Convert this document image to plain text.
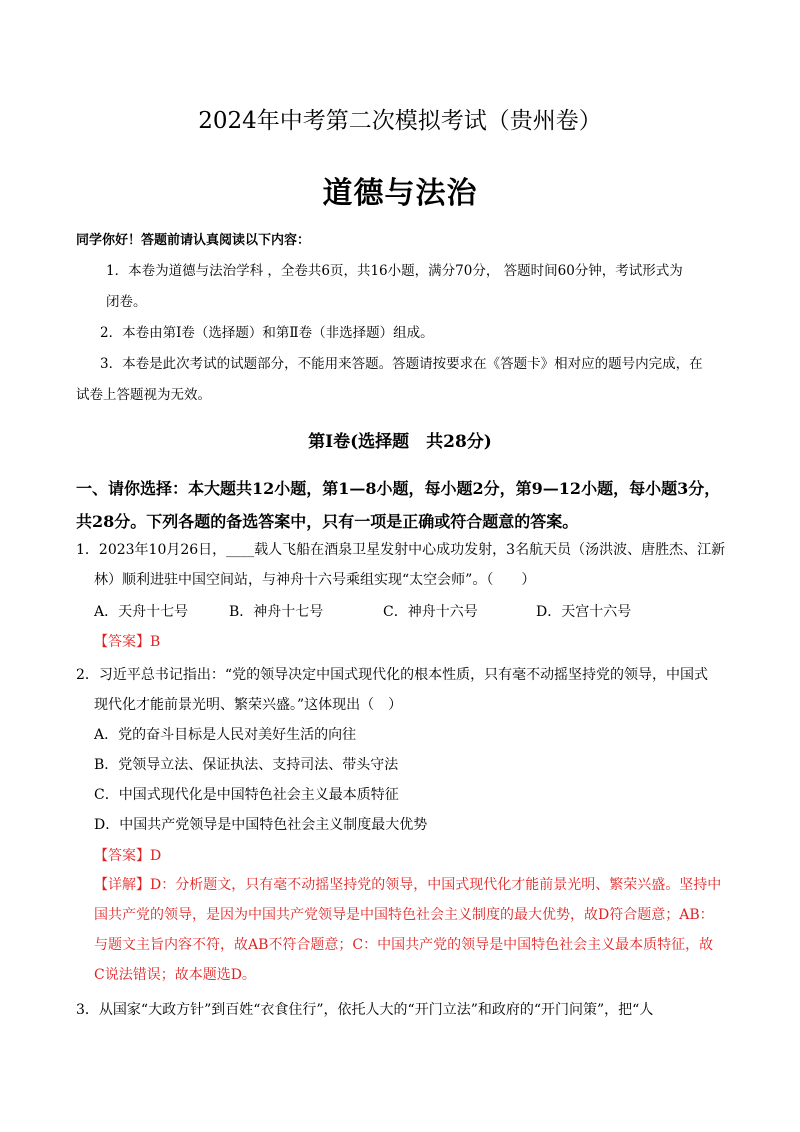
2024年中考第二次模拟考试（贵州卷）
道德与法治
同学你好！答题前请认真阅读以下内容：

1．本卷为道德与法治学科 ，全卷共6页，共16小题，满分70分， 答题时间60分钟，考试形式为

闭卷。

2．本卷由第Ⅰ卷（选择题）和第Ⅱ卷（非选择题）组成。

3．本卷是此次考试的试题部分，不能用来答题。答题请按要求在《答题卡》相对应的题号内完成，在

试卷上答题视为无效。

第Ⅰ卷(选择题　共28分)
一、请你选择：本大题共12小题，第1—8小题，每小题2分，第9—12小题，每小题3分，
共28分。下列各题的备选答案中，只有一项是正确或符合题意的答案。

1．2023年10月26日，____载人飞船在酒泉卫星发射中心成功发射，3名航天员（汤洪波、唐胜杰、江新

林）顺利进驻中国空间站，与神舟十六号乘组实现“太空会师”。（　　）

A．天舟十七号	B．神舟十七号	C．神舟十六号	D．天宫十六号
【答案】B

2．习近平总书记指出：“党的领导决定中国式现代化的根本性质，只有毫不动摇坚持党的领导，中国式

现代化才能前景光明、繁荣兴盛。”这体现出（　）

A．党的奋斗目标是人民对美好生活的向往
B．党领导立法、保证执法、支持司法、带头守法
C．中国式现代化是中国特色社会主义最本质特征
D．中国共产党领导是中国特色社会主义制度最大优势
【答案】D

【详解】D：分析题文，只有毫不动摇坚持党的领导，中国式现代化才能前景光明、繁荣兴盛。坚持中

国共产党的领导，是因为中国共产党领导是中国特色社会主义制度的最大优势，故D符合题意；AB：

与题文主旨内容不符，故AB不符合题意；C：中国共产党的领导是中国特色社会主义最本质特征，故

C说法错误；故本题选D。

3．从国家“大政方针”到百姓“衣食住行”，依托人大的“开门立法”和政府的“开门问策”，把“人
